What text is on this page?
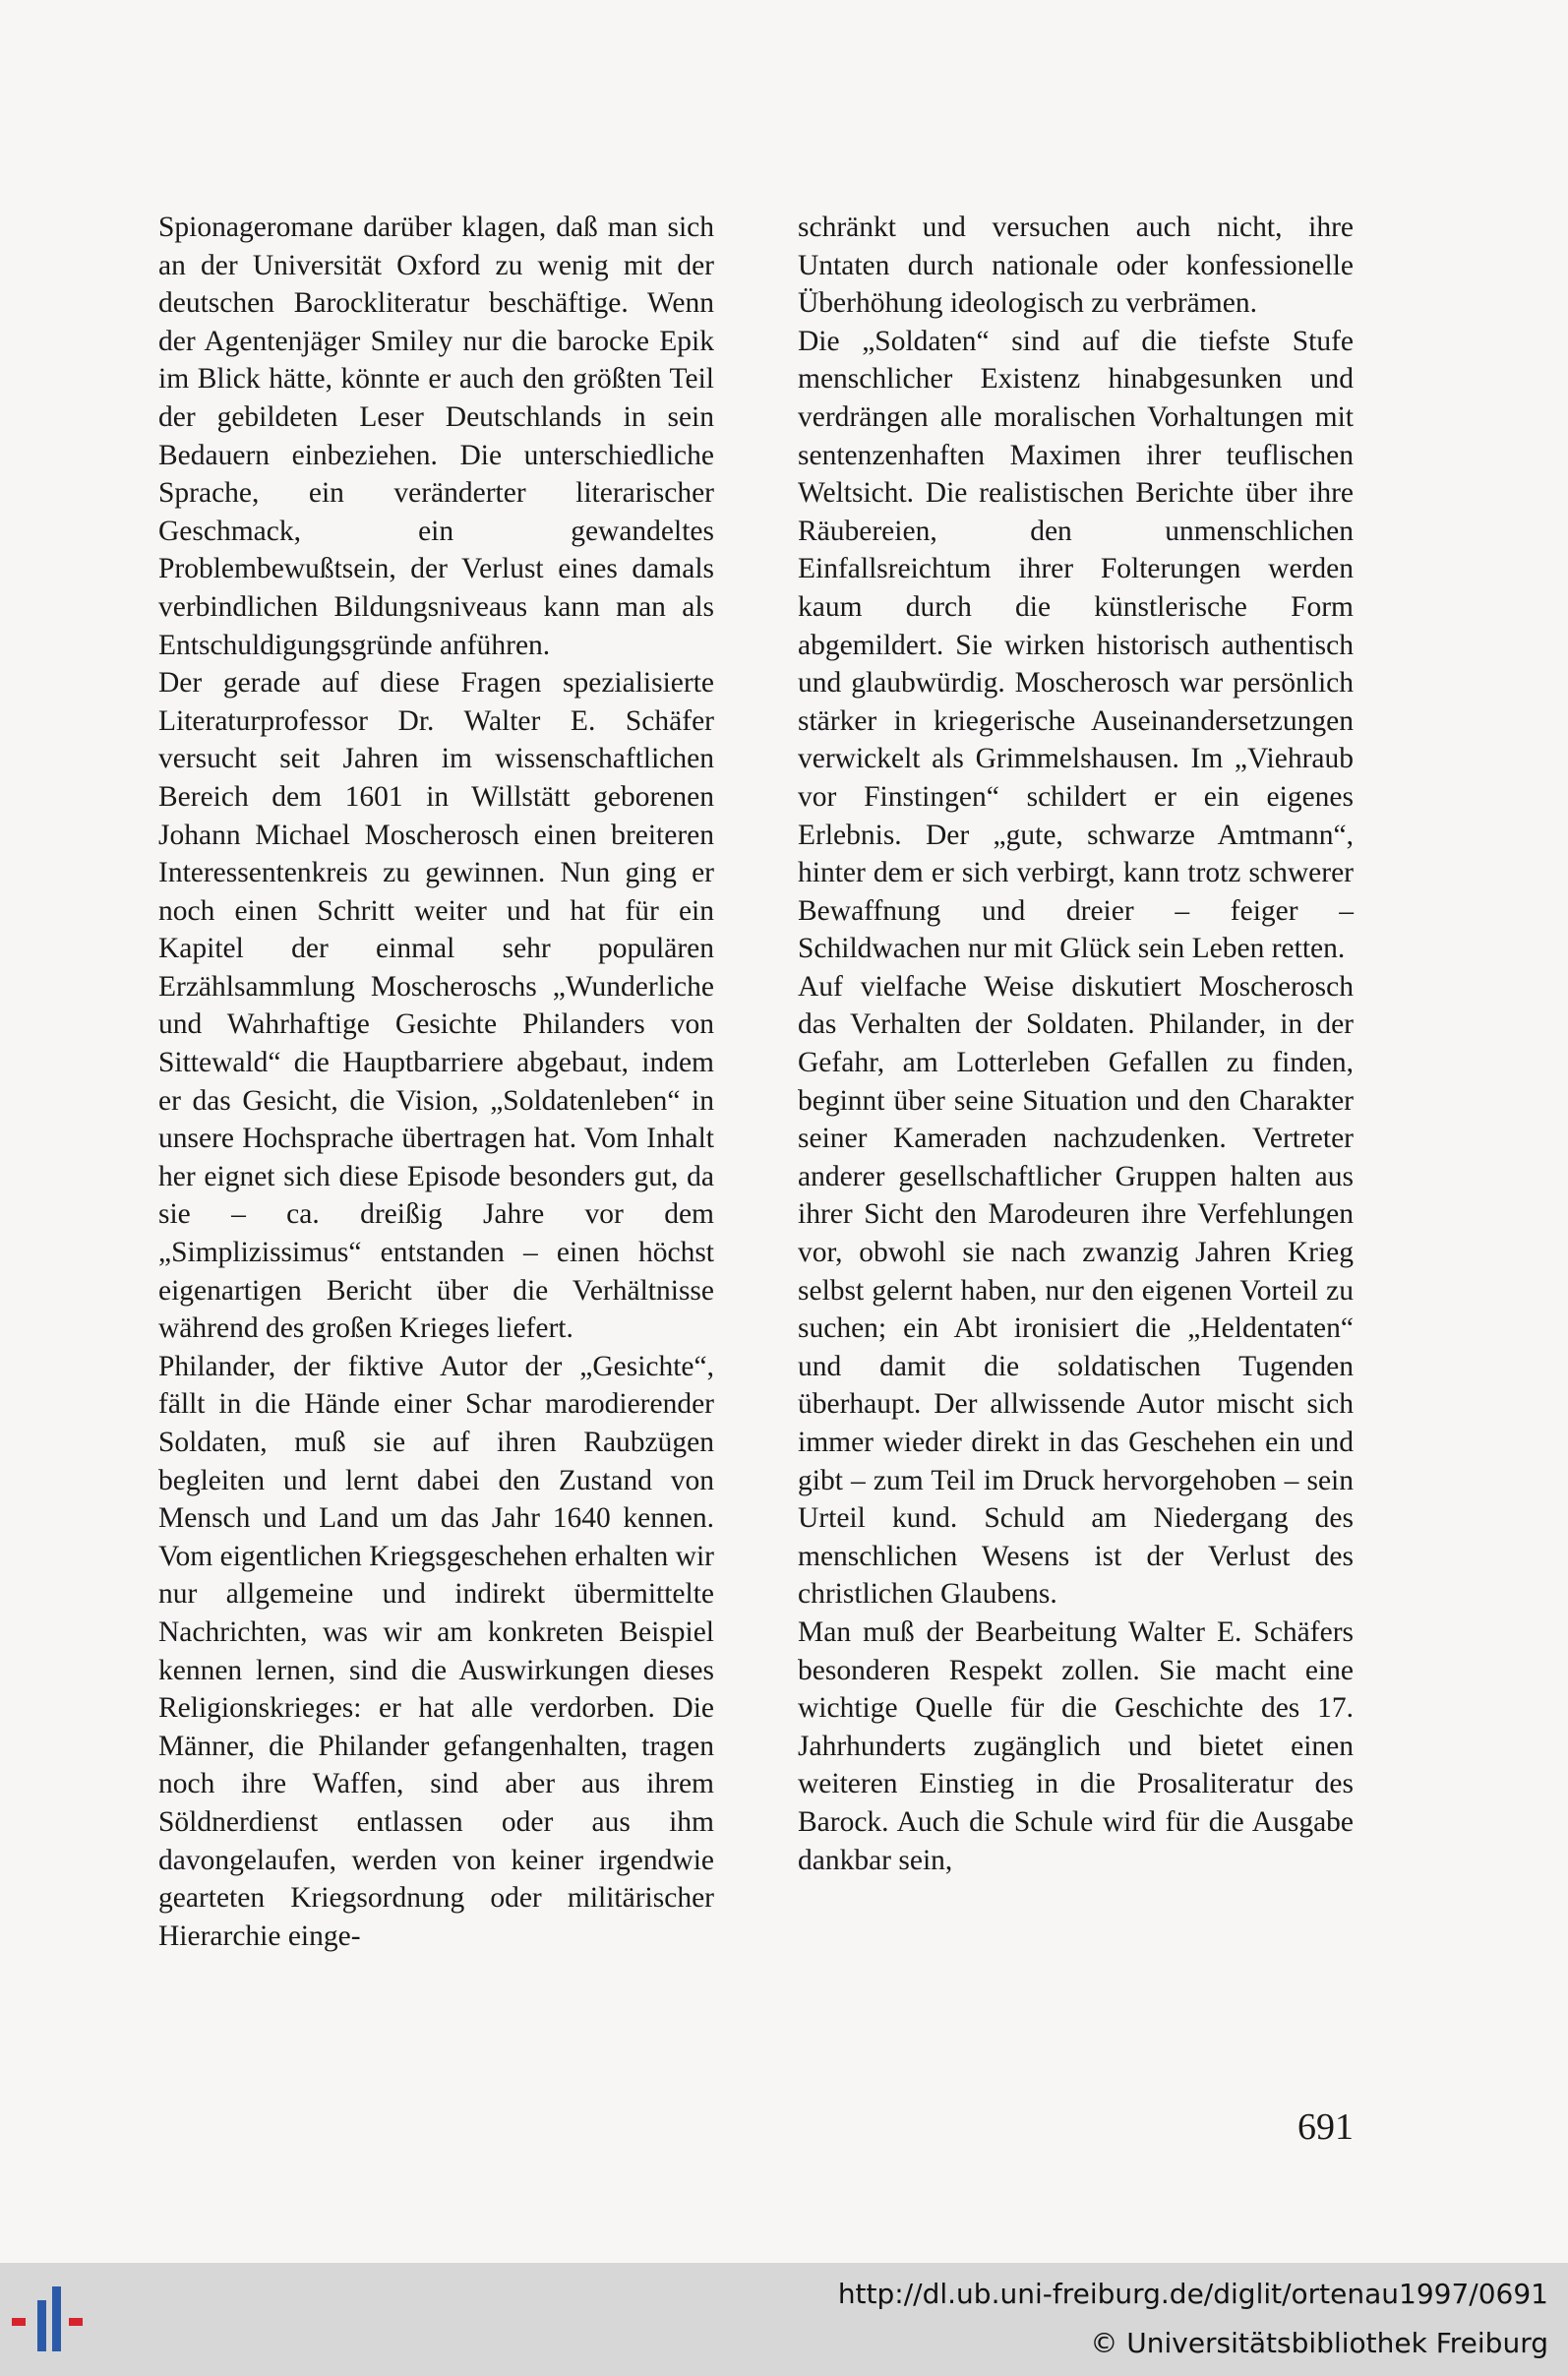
Spionageromane darüber klagen, daß man sich an der Universität Oxford zu wenig mit der deutschen Barockliteratur beschäftige. Wenn der Agentenjäger Smiley nur die barocke Epik im Blick hätte, könnte er auch den größten Teil der gebildeten Leser Deutschlands in sein Bedauern einbeziehen. Die unterschiedliche Sprache, ein veränderter literarischer Geschmack, ein gewandeltes Problembewußtsein, der Verlust eines damals verbindlichen Bildungsniveaus kann man als Entschuldigungsgründe anführen.

Der gerade auf diese Fragen spezialisierte Literaturprofessor Dr. Walter E. Schäfer versucht seit Jahren im wissenschaftlichen Bereich dem 1601 in Willstätt geborenen Johann Michael Moscherosch einen breiteren Interessentenkreis zu gewinnen. Nun ging er noch einen Schritt weiter und hat für ein Kapitel der einmal sehr populären Erzählsammlung Moscheroschs „Wunderliche und Wahrhaftige Gesichte Philanders von Sittewald“ die Hauptbarriere abgebaut, indem er das Gesicht, die Vision, „Soldatenleben“ in unsere Hochsprache übertragen hat. Vom Inhalt her eignet sich diese Episode besonders gut, da sie – ca. dreißig Jahre vor dem „Simplizissimus“ entstanden – einen höchst eigenartigen Bericht über die Verhältnisse während des großen Krieges liefert.

Philander, der fiktive Autor der „Gesichte“, fällt in die Hände einer Schar marodierender Soldaten, muß sie auf ihren Raubzügen begleiten und lernt dabei den Zustand von Mensch und Land um das Jahr 1640 kennen. Vom eigentlichen Kriegsgeschehen erhalten wir nur allgemeine und indirekt übermittelte Nachrichten, was wir am konkreten Beispiel kennen lernen, sind die Auswirkungen dieses Religionskrieges: er hat alle verdorben. Die Männer, die Philander gefangenhalten, tragen noch ihre Waffen, sind aber aus ihrem Söldnerdienst entlassen oder aus ihm davongelaufen, werden von keiner irgendwie gearteten Kriegsordnung oder militärischer Hierarchie einge-

schränkt und versuchen auch nicht, ihre Untaten durch nationale oder konfessionelle Überhöhung ideologisch zu verbrämen.

Die „Soldaten“ sind auf die tiefste Stufe menschlicher Existenz hinabgesunken und verdrängen alle moralischen Vorhaltungen mit sentenzenhaften Maximen ihrer teuflischen Weltsicht. Die realistischen Berichte über ihre Räubereien, den unmenschlichen Einfallsreichtum ihrer Folterungen werden kaum durch die künstlerische Form abgemildert. Sie wirken historisch authentisch und glaubwürdig. Moscherosch war persönlich stärker in kriegerische Auseinandersetzungen verwickelt als Grimmelshausen. Im „Viehraub vor Finstingen“ schildert er ein eigenes Erlebnis. Der „gute, schwarze Amtmann“, hinter dem er sich verbirgt, kann trotz schwerer Bewaffnung und dreier – feiger – Schildwachen nur mit Glück sein Leben retten.

Auf vielfache Weise diskutiert Moscherosch das Verhalten der Soldaten. Philander, in der Gefahr, am Lotterleben Gefallen zu finden, beginnt über seine Situation und den Charakter seiner Kameraden nachzudenken. Vertreter anderer gesellschaftlicher Gruppen halten aus ihrer Sicht den Marodeuren ihre Verfehlungen vor, obwohl sie nach zwanzig Jahren Krieg selbst gelernt haben, nur den eigenen Vorteil zu suchen; ein Abt ironisiert die „Heldentaten“ und damit die soldatischen Tugenden überhaupt. Der allwissende Autor mischt sich immer wieder direkt in das Geschehen ein und gibt – zum Teil im Druck hervorgehoben – sein Urteil kund. Schuld am Niedergang des menschlichen Wesens ist der Verlust des christlichen Glaubens.

Man muß der Bearbeitung Walter E. Schäfers besonderen Respekt zollen. Sie macht eine wichtige Quelle für die Geschichte des 17. Jahrhunderts zugänglich und bietet einen weiteren Einstieg in die Prosaliteratur des Barock. Auch die Schule wird für die Ausgabe dankbar sein,

691
http://dl.ub.uni-freiburg.de/diglit/ortenau1997/0691
© Universitätsbibliothek Freiburg
